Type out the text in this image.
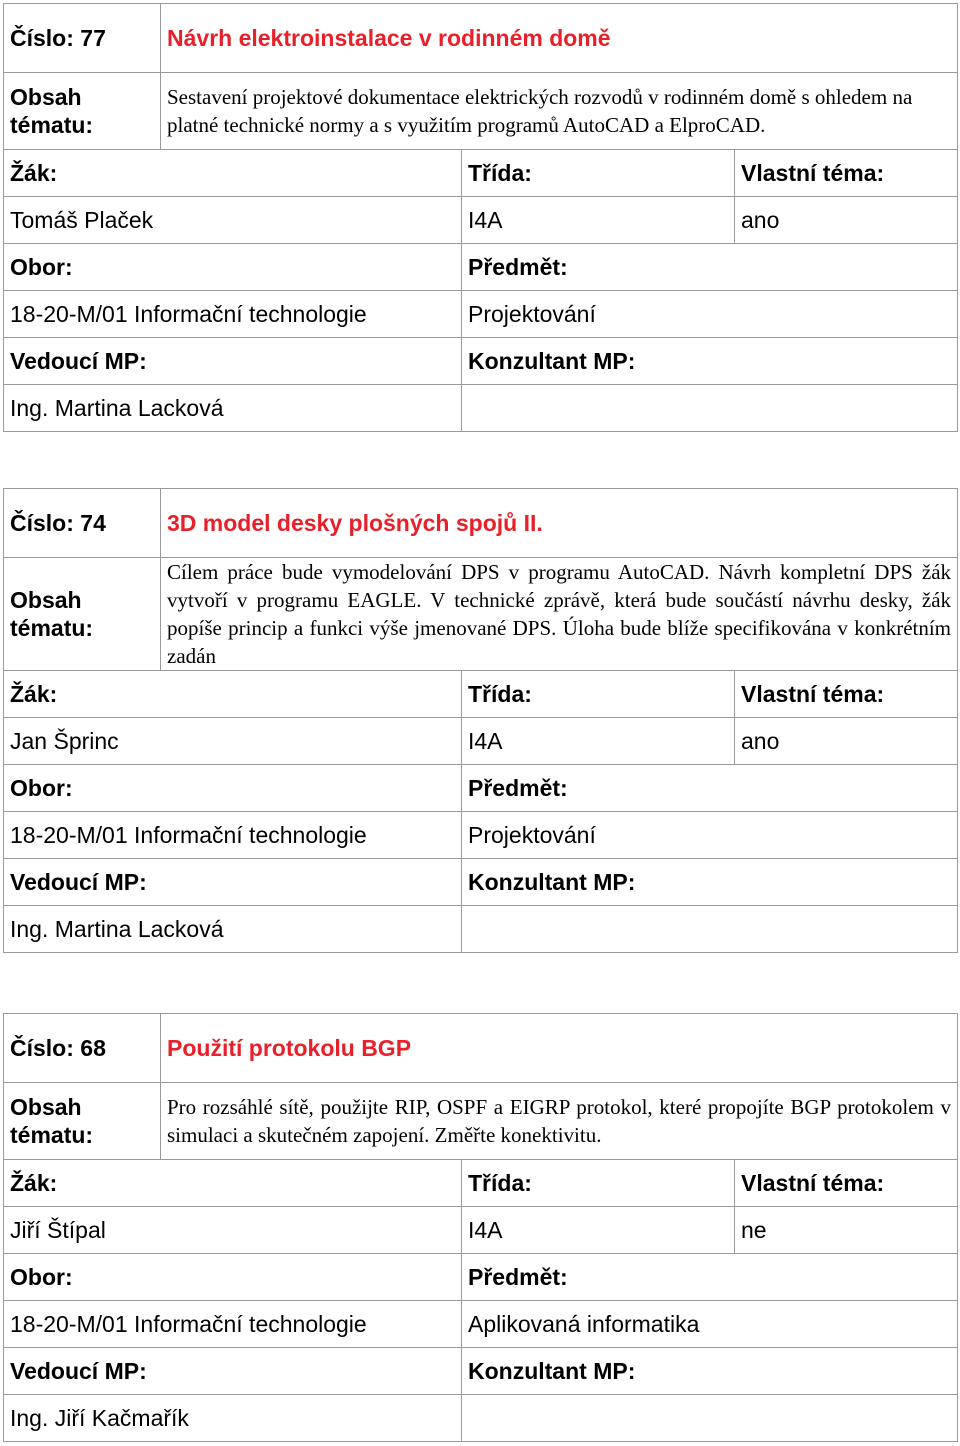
Číslo: 77	Návrh elektroinstalace v rodinném domě		
Obsah
tématu:	Sestavení projektové dokumentace elektrických rozvodů v rodinném domě s ohledem na platné technické normy a s využitím programů AutoCAD a ElproCAD.		
Žák:		Třída:	Vlastní téma:
Tomáš Plaček		I4A	ano
Obor:		Předmět:	
18-20-M/01 Informační technologie		Projektování	
Vedoucí MP:		Konzultant MP:	
Ing. Martina Lacková			
Číslo: 74	3D model desky plošných spojů II.		
Obsah
tématu:	Cílem práce bude vymodelování DPS v programu AutoCAD. Návrh kompletní DPS žák vytvoří v programu EAGLE. V technické zprávě, která bude součástí návrhu desky, žák popíše princip a funkci výše jmenované DPS. Úloha bude blíže specifikována v konkrétním zadán		
Žák:		Třída:	Vlastní téma:
Jan Šprinc		I4A	ano
Obor:		Předmět:	
18-20-M/01 Informační technologie		Projektování	
Vedoucí MP:		Konzultant MP:	
Ing. Martina Lacková			
Číslo: 68	Použití protokolu BGP		
Obsah
tématu:	Pro rozsáhlé sítě, použijte RIP, OSPF a EIGRP protokol, které propojíte BGP protokolem v simulaci a skutečném zapojení. Změřte konektivitu.		
Žák:		Třída:	Vlastní téma:
Jiří Štípal		I4A	ne
Obor:		Předmět:	
18-20-M/01 Informační technologie		Aplikovaná informatika	
Vedoucí MP:		Konzultant MP:	
Ing. Jiří Kačmařík			
